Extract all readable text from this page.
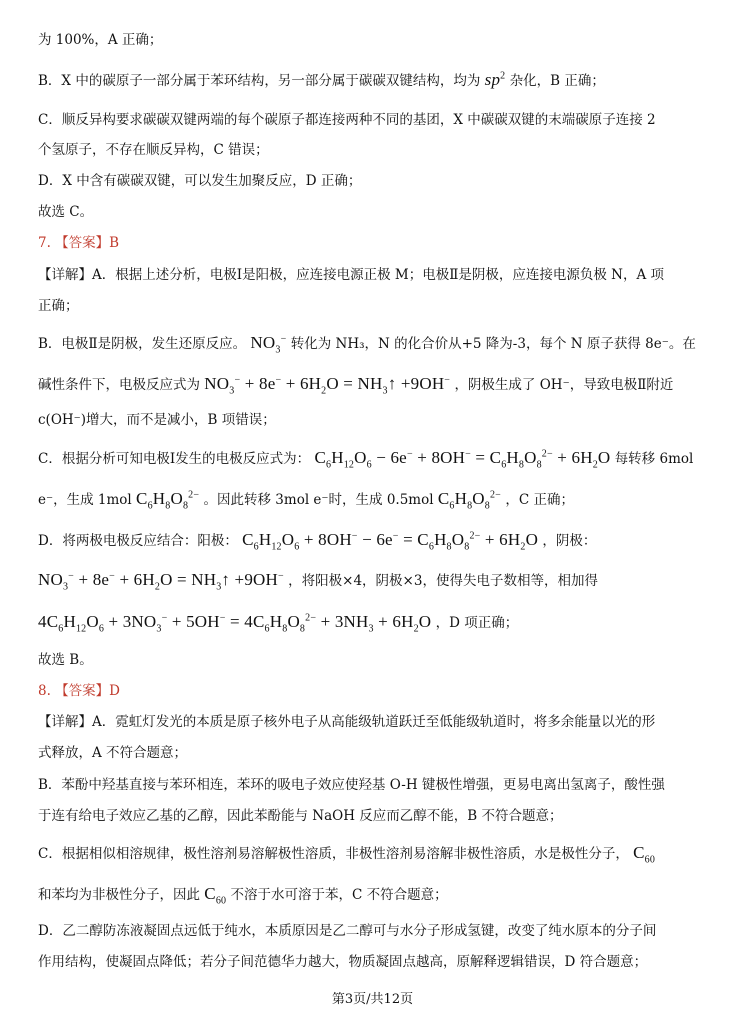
为 100%，A 正确；
B．X 中的碳原子一部分属于苯环结构，另一部分属于碳碳双键结构，均为 $sp^2$ 杂化，B 正确；
C．顺反异构要求碳碳双键两端的每个碳原子都连接两种不同的基团，X 中碳碳双键的末端碳原子连接 2
个氢原子，不存在顺反异构，C 错误；
D．X 中含有碳碳双键，可以发生加聚反应，D 正确；
故选 C。
7. 【答案】B
【详解】A．根据上述分析，电极Ⅰ是阳极，应连接电源正极 M；电极Ⅱ是阴极，应连接电源负极 N，A 项
正确；
B．电极Ⅱ是阴极，发生还原反应。 $NO_3^-$ 转化为 NH₃，N 的化合价从+5 降为-3，每个 N 原子获得 8e⁻。在
碱性条件下，电极反应式为 $NO_3^- + 8e^- + 6H_2O$ = $NH_3↑ +9OH^-$ ，阴极生成了 OH⁻，导致电极Ⅱ附近
c(OH⁻)增大，而不是减小，B 项错误；
C．根据分析可知电极Ⅰ发生的电极反应式为： $C_6H_{12}O_6 - 6e^- + 8OH^- = C_6H_8O_8^{2-} + 6H_2O$ 每转移 6mol
e⁻，生成 1mol $C_6H_8O_8^{2-}$ 。因此转移 3mol e⁻时，生成 0.5mol $C_6H_8O_8^{2-}$ ，C 正确；
D．将两极电极反应结合：阳极： $C_6H_{12}O_6 + 8OH^- - 6e^- = C_6H_8O_8^{2-} + 6H_2O$ ，阴极：
$NO_3^- + 8e^- + 6H_2O$ = $NH_3↑ +9OH^-$ ，将阳极×4，阴极×3，使得失电子数相等，相加得
$4C_6H_{12}O_6 + 3NO_3^- + 5OH^- = 4C_6H_8O_8^{2-} + 3NH_3 + 6H_2O$ ，D 项正确；
故选 B。
8. 【答案】D
【详解】A．霓虹灯发光的本质是原子核外电子从高能级轨道跃迁至低能级轨道时，将多余能量以光的形
式释放，A 不符合题意；
B．苯酚中羟基直接与苯环相连，苯环的吸电子效应使羟基 O-H 键极性增强，更易电离出氢离子，酸性强
于连有给电子效应乙基的乙醇，因此苯酚能与 NaOH 反应而乙醇不能，B 不符合题意；
C．根据相似相溶规律，极性溶剂易溶解极性溶质，非极性溶剂易溶解非极性溶质，水是极性分子， $C_{60}$
和苯均为非极性分子，因此 $C_{60}$ 不溶于水可溶于苯，C 不符合题意；
D．乙二醇防冻液凝固点远低于纯水，本质原因是乙二醇可与水分子形成氢键，改变了纯水原本的分子间
作用结构，使凝固点降低；若分子间范德华力越大，物质凝固点越高，原解释逻辑错误，D 符合题意；
第3页/共12页
